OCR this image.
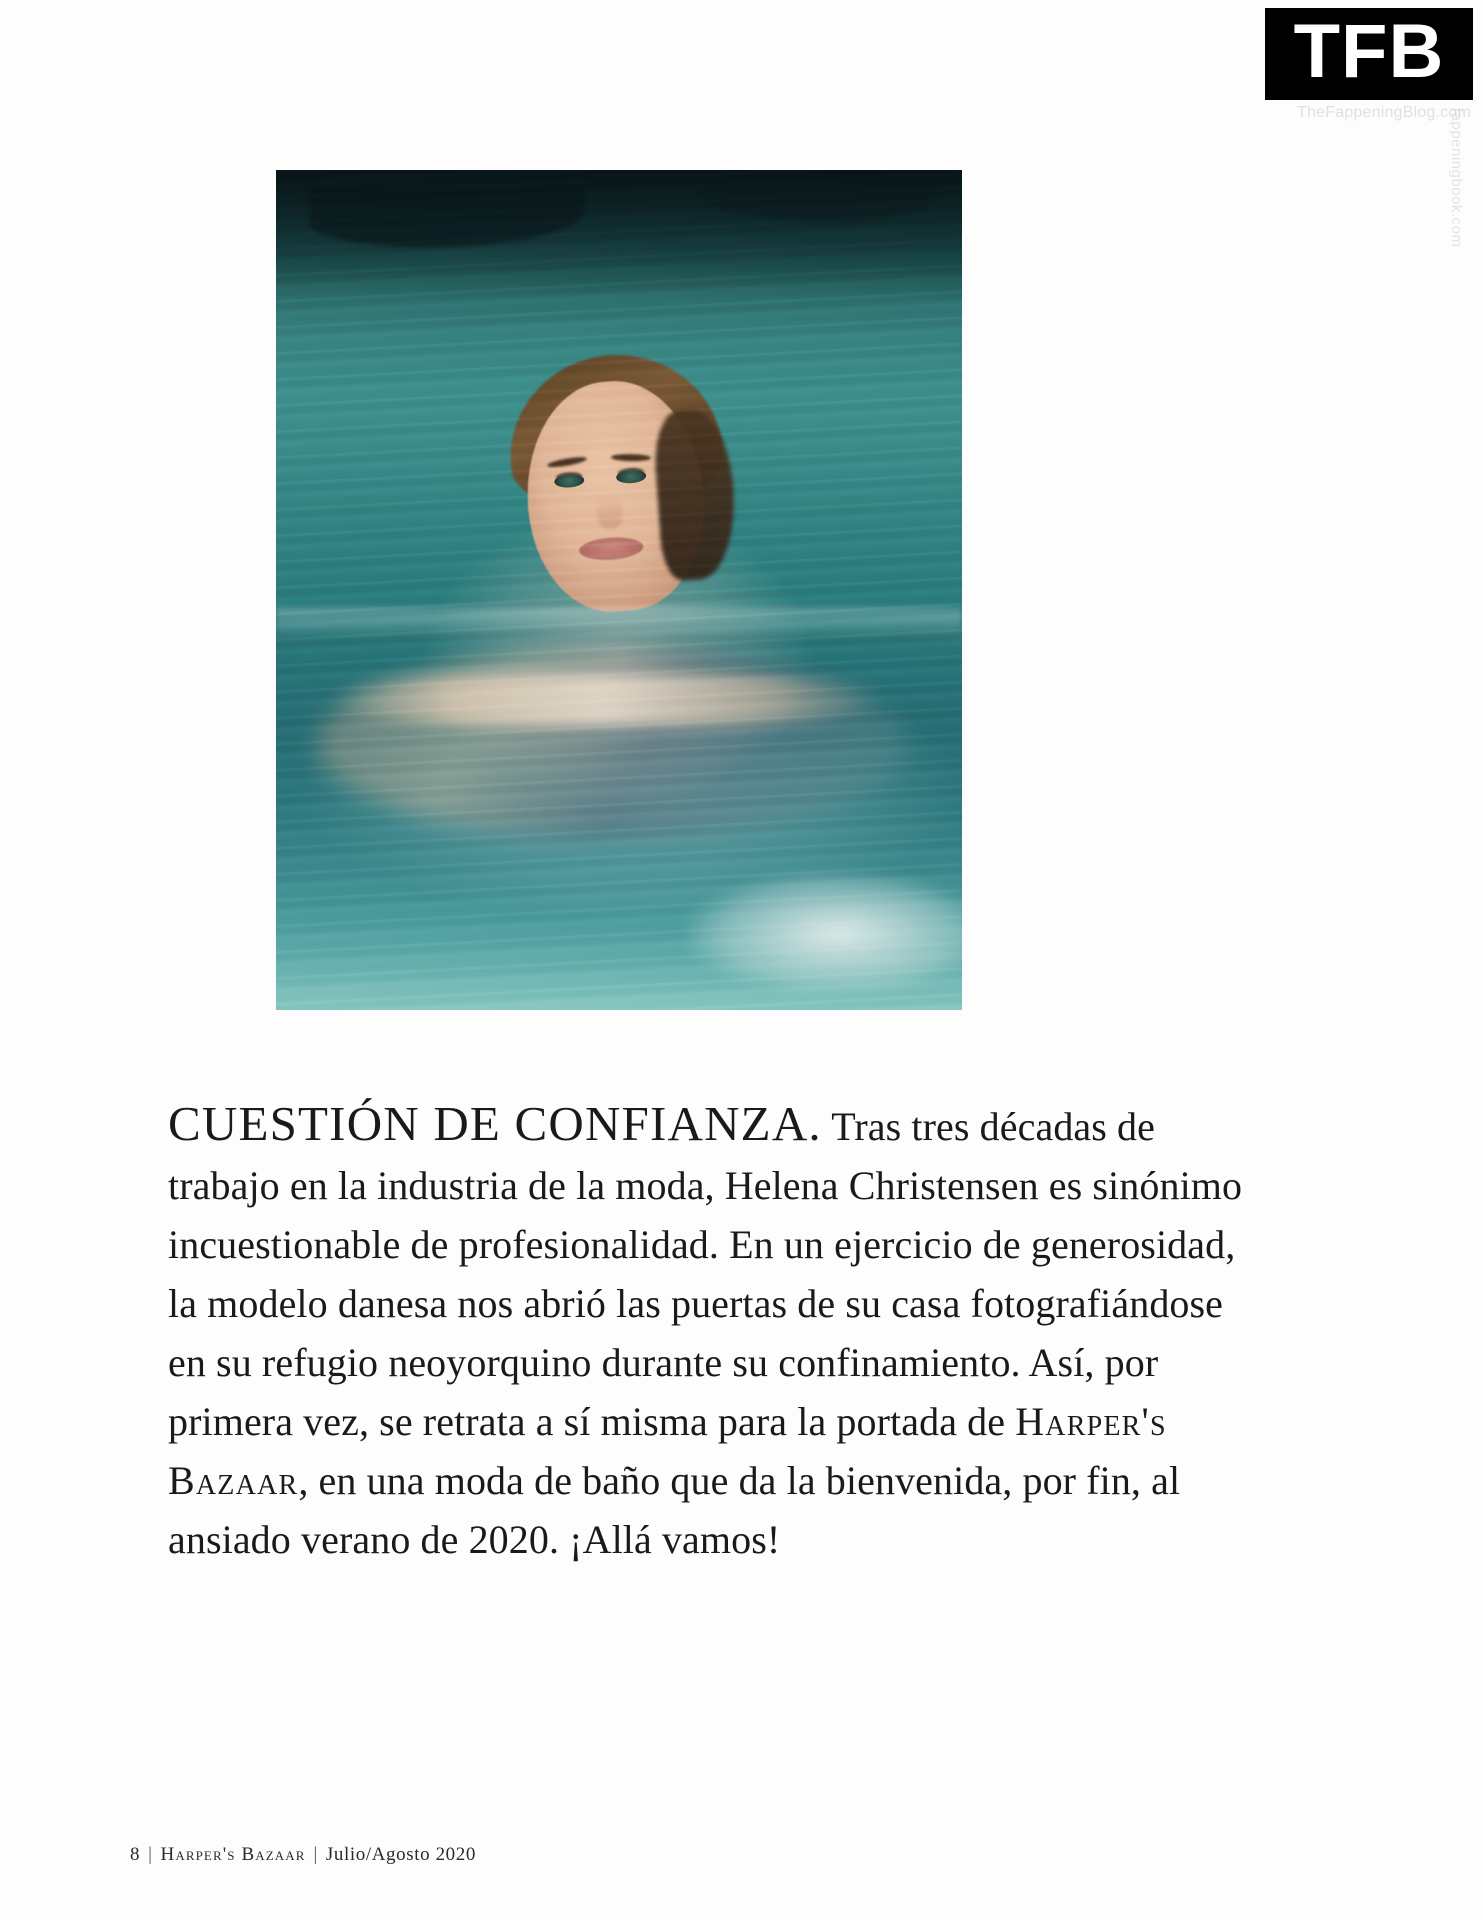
TFB
TheFappeningBlog.com
fappeningbook.com

CUESTIÓN DE CONFIANZA. Tras tres décadas de trabajo en la industria de la moda, Helena Christensen es sinónimo incuestionable de profesionalidad. En un ejercicio de generosidad, la modelo danesa nos abrió las puertas de su casa fotografiándose en su refugio neoyorquino durante su confinamiento. Así, por primera vez, se retrata a sí misma para la portada de Harper's Bazaar, en una moda de baño que da la bienvenida, por fin, al ansiado verano de 2020. ¡Allá vamos!

8 | Harper's Bazaar | Julio/Agosto 2020
